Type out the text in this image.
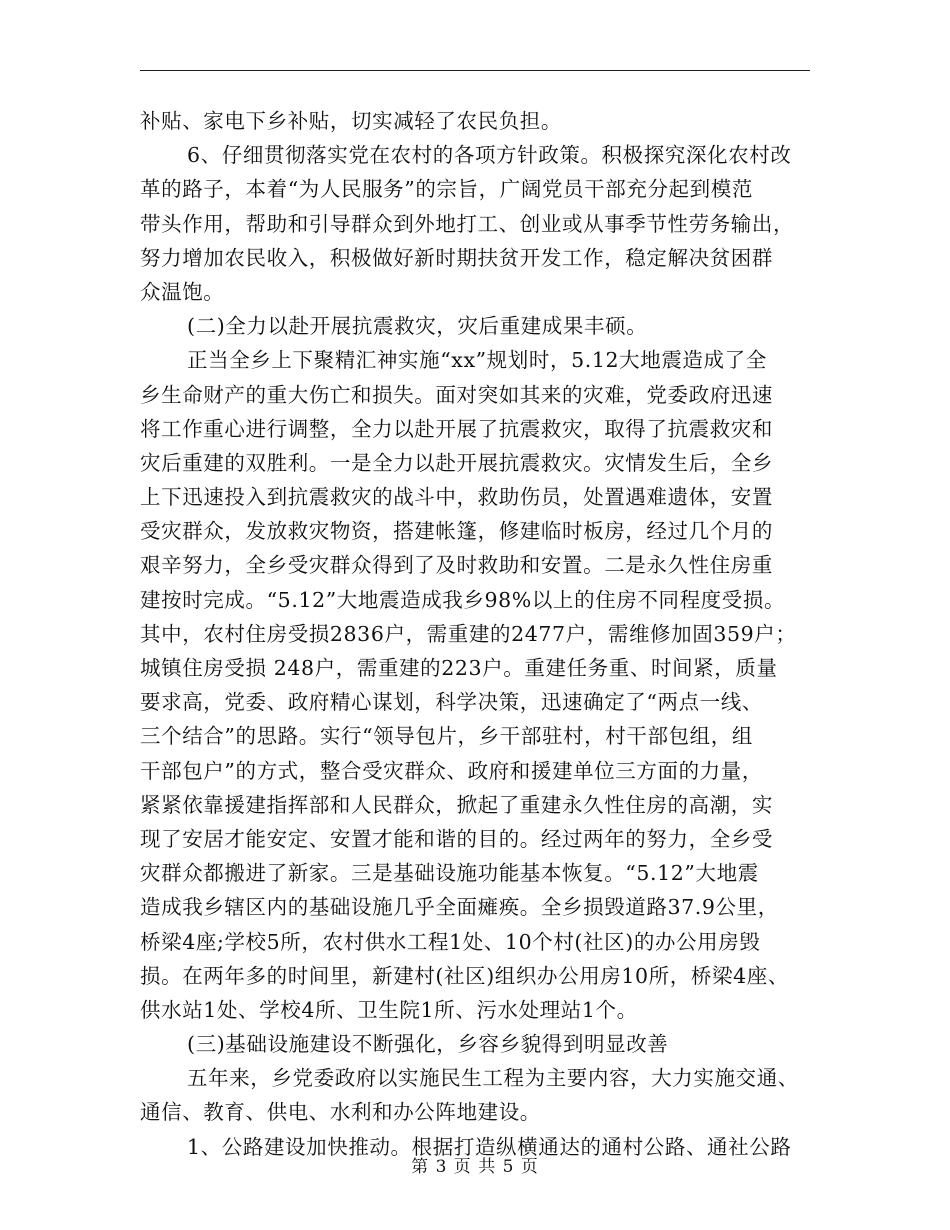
补贴、家电下乡补贴，切实减轻了农民负担。
6、仔细贯彻落实党在农村的各项方针政策。积极探究深化农村改
革的路子，本着“为人民服务”的宗旨，广阔党员干部充分起到模范
带头作用，帮助和引导群众到外地打工、创业或从事季节性劳务输出，
努力增加农民收入，积极做好新时期扶贫开发工作，稳定解决贫困群
众温饱。
(二)全力以赴开展抗震救灾，灾后重建成果丰硕。
正当全乡上下聚精汇神实施“xx”规划时，5.12大地震造成了全
乡生命财产的重大伤亡和损失。面对突如其来的灾难，党委政府迅速
将工作重心进行调整，全力以赴开展了抗震救灾，取得了抗震救灾和
灾后重建的双胜利。一是全力以赴开展抗震救灾。灾情发生后，全乡
上下迅速投入到抗震救灾的战斗中，救助伤员，处置遇难遗体，安置
受灾群众，发放救灾物资，搭建帐篷，修建临时板房，经过几个月的
艰辛努力，全乡受灾群众得到了及时救助和安置。二是永久性住房重
建按时完成。“5.12”大地震造成我乡98%以上的住房不同程度受损。
其中，农村住房受损2836户，需重建的2477户，需维修加固359户；
城镇住房受损 248户，需重建的223户。重建任务重、时间紧，质量
要求高，党委、政府精心谋划，科学决策，迅速确定了“两点一线、
三个结合”的思路。实行“领导包片，乡干部驻村，村干部包组，组
干部包户”的方式，整合受灾群众、政府和援建单位三方面的力量，
紧紧依靠援建指挥部和人民群众，掀起了重建永久性住房的高潮，实
现了安居才能安定、安置才能和谐的目的。经过两年的努力，全乡受
灾群众都搬进了新家。三是基础设施功能基本恢复。“5.12”大地震
造成我乡辖区内的基础设施几乎全面瘫痪。全乡损毁道路37.9公里，
桥梁4座;学校5所，农村供水工程1处、10个村(社区)的办公用房毁
损。在两年多的时间里，新建村(社区)组织办公用房10所，桥梁4座、
供水站1处、学校4所、卫生院1所、污水处理站1个。
(三)基础设施建设不断强化，乡容乡貌得到明显改善
五年来，乡党委政府以实施民生工程为主要内容，大力实施交通、
通信、教育、供电、水利和办公阵地建设。
1、公路建设加快推动。根据打造纵横通达的通村公路、通社公路
第 3 页 共 5 页
